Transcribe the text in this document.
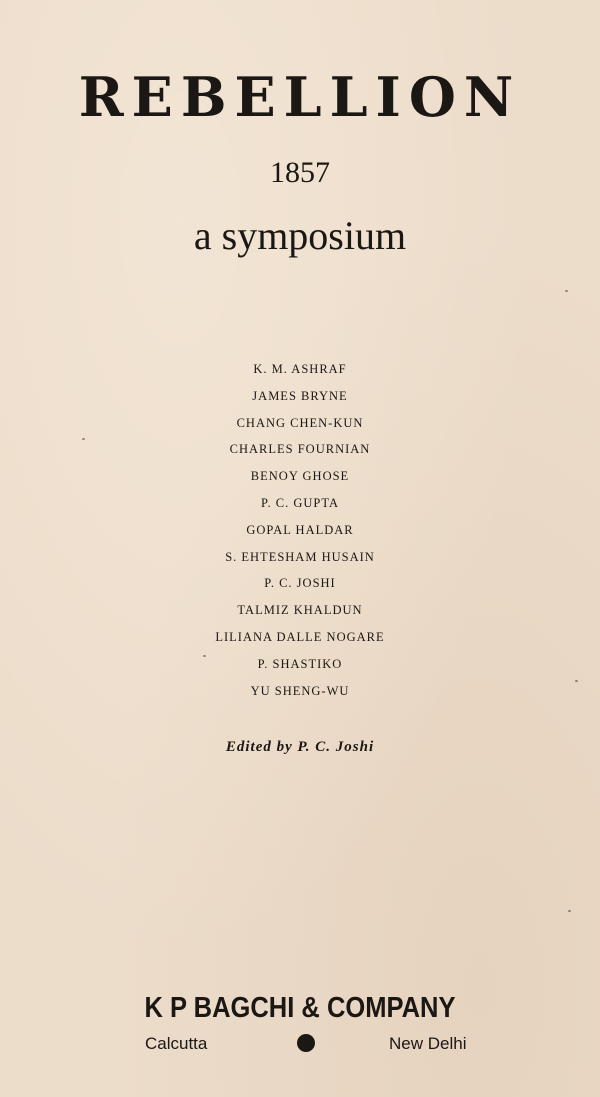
REBELLION
1857
a symposium
K. M. ASHRAF
JAMES BRYNE
CHANG CHEN-KUN
CHARLES FOURNIAN
BENOY GHOSE
P. C. GUPTA
GOPAL HALDAR
S. EHTESHAM HUSAIN
P. C. JOSHI
TALMIZ KHALDUN
LILIANA DALLE NOGARE
P. SHASTIKO
YU SHENG-WU
Edited by P. C. Joshi
K P BAGCHI & COMPANY
Calcutta	New Delhi
